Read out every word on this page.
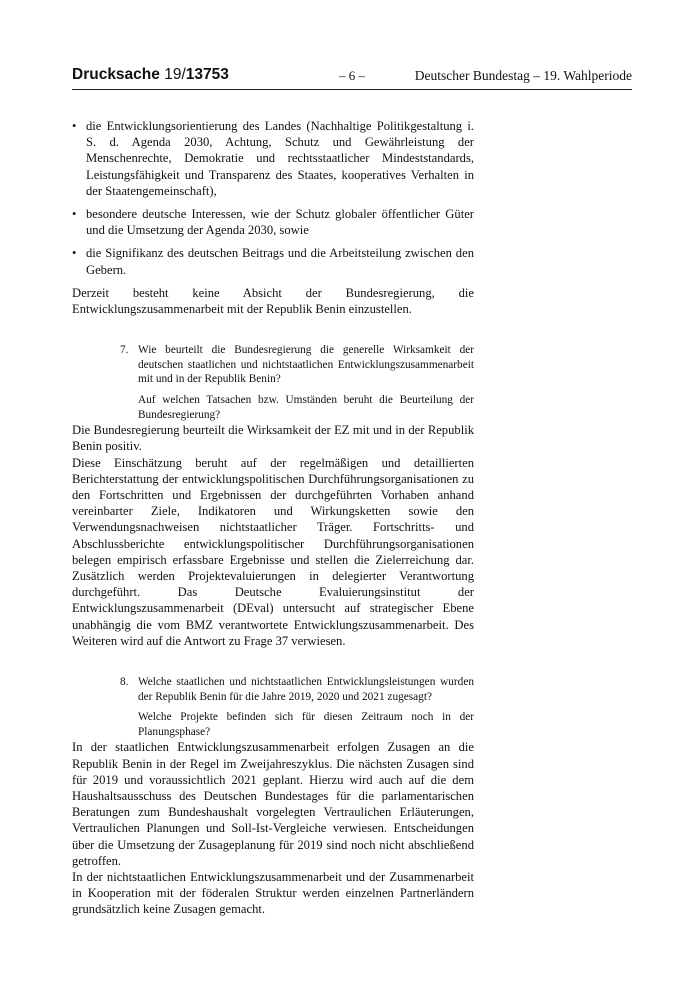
Drucksache 19/13753	– 6 –	Deutscher Bundestag – 19. Wahlperiode
• die Entwicklungsorientierung des Landes (Nachhaltige Politikgestaltung i. S. d. Agenda 2030, Achtung, Schutz und Gewährleistung der Menschenrechte, Demokratie und rechtsstaatlicher Mindeststandards, Leistungsfähigkeit und Transparenz des Staates, kooperatives Verhalten in der Staatengemeinschaft),
• besondere deutsche Interessen, wie der Schutz globaler öffentlicher Güter und die Umsetzung der Agenda 2030, sowie
• die Signifikanz des deutschen Beitrags und die Arbeitsteilung zwischen den Gebern.

Derzeit besteht keine Absicht der Bundesregierung, die Entwicklungszusammenarbeit mit der Republik Benin einzustellen.

7. Wie beurteilt die Bundesregierung die generelle Wirksamkeit der deutschen staatlichen und nichtstaatlichen Entwicklungszusammenarbeit mit und in der Republik Benin?
Auf welchen Tatsachen bzw. Umständen beruht die Beurteilung der Bundesregierung?

Die Bundesregierung beurteilt die Wirksamkeit der EZ mit und in der Republik Benin positiv.

Diese Einschätzung beruht auf der regelmäßigen und detaillierten Berichterstattung der entwicklungspolitischen Durchführungsorganisationen zu den Fortschritten und Ergebnissen der durchgeführten Vorhaben anhand vereinbarter Ziele, Indikatoren und Wirkungsketten sowie den Verwendungsnachweisen nichtstaatlicher Träger. Fortschritts- und Abschlussberichte entwicklungspolitischer Durchführungsorganisationen belegen empirisch erfassbare Ergebnisse und stellen die Zielerreichung dar. Zusätzlich werden Projektevaluierungen in delegierter Verantwortung durchgeführt. Das Deutsche Evaluierungsinstitut der Entwicklungszusammenarbeit (DEval) untersucht auf strategischer Ebene unabhängig die vom BMZ verantwortete Entwicklungszusammenarbeit. Des Weiteren wird auf die Antwort zu Frage 37 verwiesen.

8. Welche staatlichen und nichtstaatlichen Entwicklungsleistungen wurden der Republik Benin für die Jahre 2019, 2020 und 2021 zugesagt?
Welche Projekte befinden sich für diesen Zeitraum noch in der Planungsphase?

In der staatlichen Entwicklungszusammenarbeit erfolgen Zusagen an die Republik Benin in der Regel im Zweijahreszyklus. Die nächsten Zusagen sind für 2019 und voraussichtlich 2021 geplant. Hierzu wird auch auf die dem Haushaltsausschuss des Deutschen Bundestages für die parlamentarischen Beratungen zum Bundeshaushalt vorgelegten Vertraulichen Erläuterungen, Vertraulichen Planungen und Soll-Ist-Vergleiche verwiesen. Entscheidungen über die Umsetzung der Zusageplanung für 2019 sind noch nicht abschließend getroffen.

In der nichtstaatlichen Entwicklungszusammenarbeit und der Zusammenarbeit in Kooperation mit der föderalen Struktur werden einzelnen Partnerländern grundsätzlich keine Zusagen gemacht.
